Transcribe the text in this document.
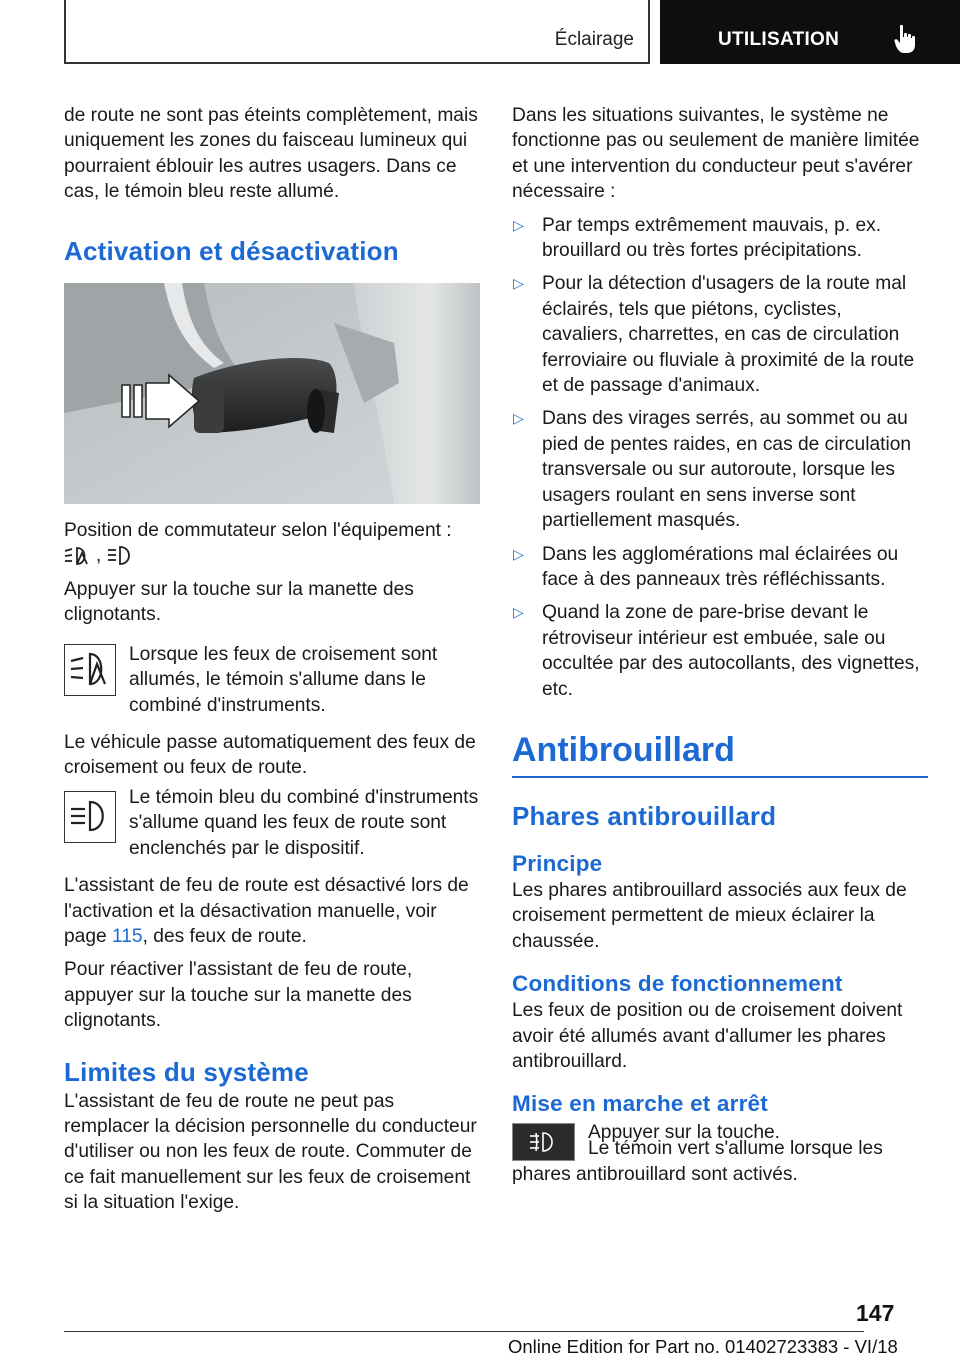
Éclairage	UTILISATION

de route ne sont pas éteints complètement, mais uniquement les zones du faisceau lumineux qui pourraient éblouir les autres usagers. Dans ce cas, le témoin bleu reste allumé.

Activation et désactivation

Position de commutateur selon l'équipement :

,

Appuyer sur la touche sur la manette des clignotants.

Lorsque les feux de croisement sont allumés, le témoin s'allume dans le combiné d'instruments.

Le véhicule passe automatiquement des feux de croisement ou feux de route.

Le témoin bleu du combiné d'instruments s'allume quand les feux de route sont enclenchés par le dispositif.

L'assistant de feu de route est désactivé lors de l'activation et la désactivation manuelle, voir page 115, des feux de route.

Pour réactiver l'assistant de feu de route, appuyer sur la touche sur la manette des clignotants.

Limites du système

L'assistant de feu de route ne peut pas remplacer la décision personnelle du conducteur d'utiliser ou non les feux de route. Commuter de ce fait manuellement sur les feux de croisement si la situation l'exige.

Dans les situations suivantes, le système ne fonctionne pas ou seulement de manière limitée et une intervention du conducteur peut s'avérer nécessaire :

▷ Par temps extrêmement mauvais, p. ex. brouillard ou très fortes précipitations.

▷ Pour la détection d'usagers de la route mal éclairés, tels que piétons, cyclistes, cavaliers, charrettes, en cas de circulation ferroviaire ou fluviale à proximité de la route et de passage d'animaux.

▷ Dans des virages serrés, au sommet ou au pied de pentes raides, en cas de circulation transversale ou sur autoroute, lorsque les usagers roulant en sens inverse sont partiellement masqués.

▷ Dans les agglomérations mal éclairées ou face à des panneaux très réfléchissants.

▷ Quand la zone de pare-brise devant le rétroviseur intérieur est embuée, sale ou occultée par des autocollants, des vignettes, etc.

Antibrouillard
Phares antibrouillard
Principe

Les phares antibrouillard associés aux feux de croisement permettent de mieux éclairer la chaussée.

Conditions de fonctionnement

Les feux de position ou de croisement doivent avoir été allumés avant d'allumer les phares antibrouillard.

Mise en marche et arrêt

Appuyer sur la touche.

Le témoin vert s'allume lorsque les phares antibrouillard sont activés.

147
Online Edition for Part no. 01402723383 - VI/18
